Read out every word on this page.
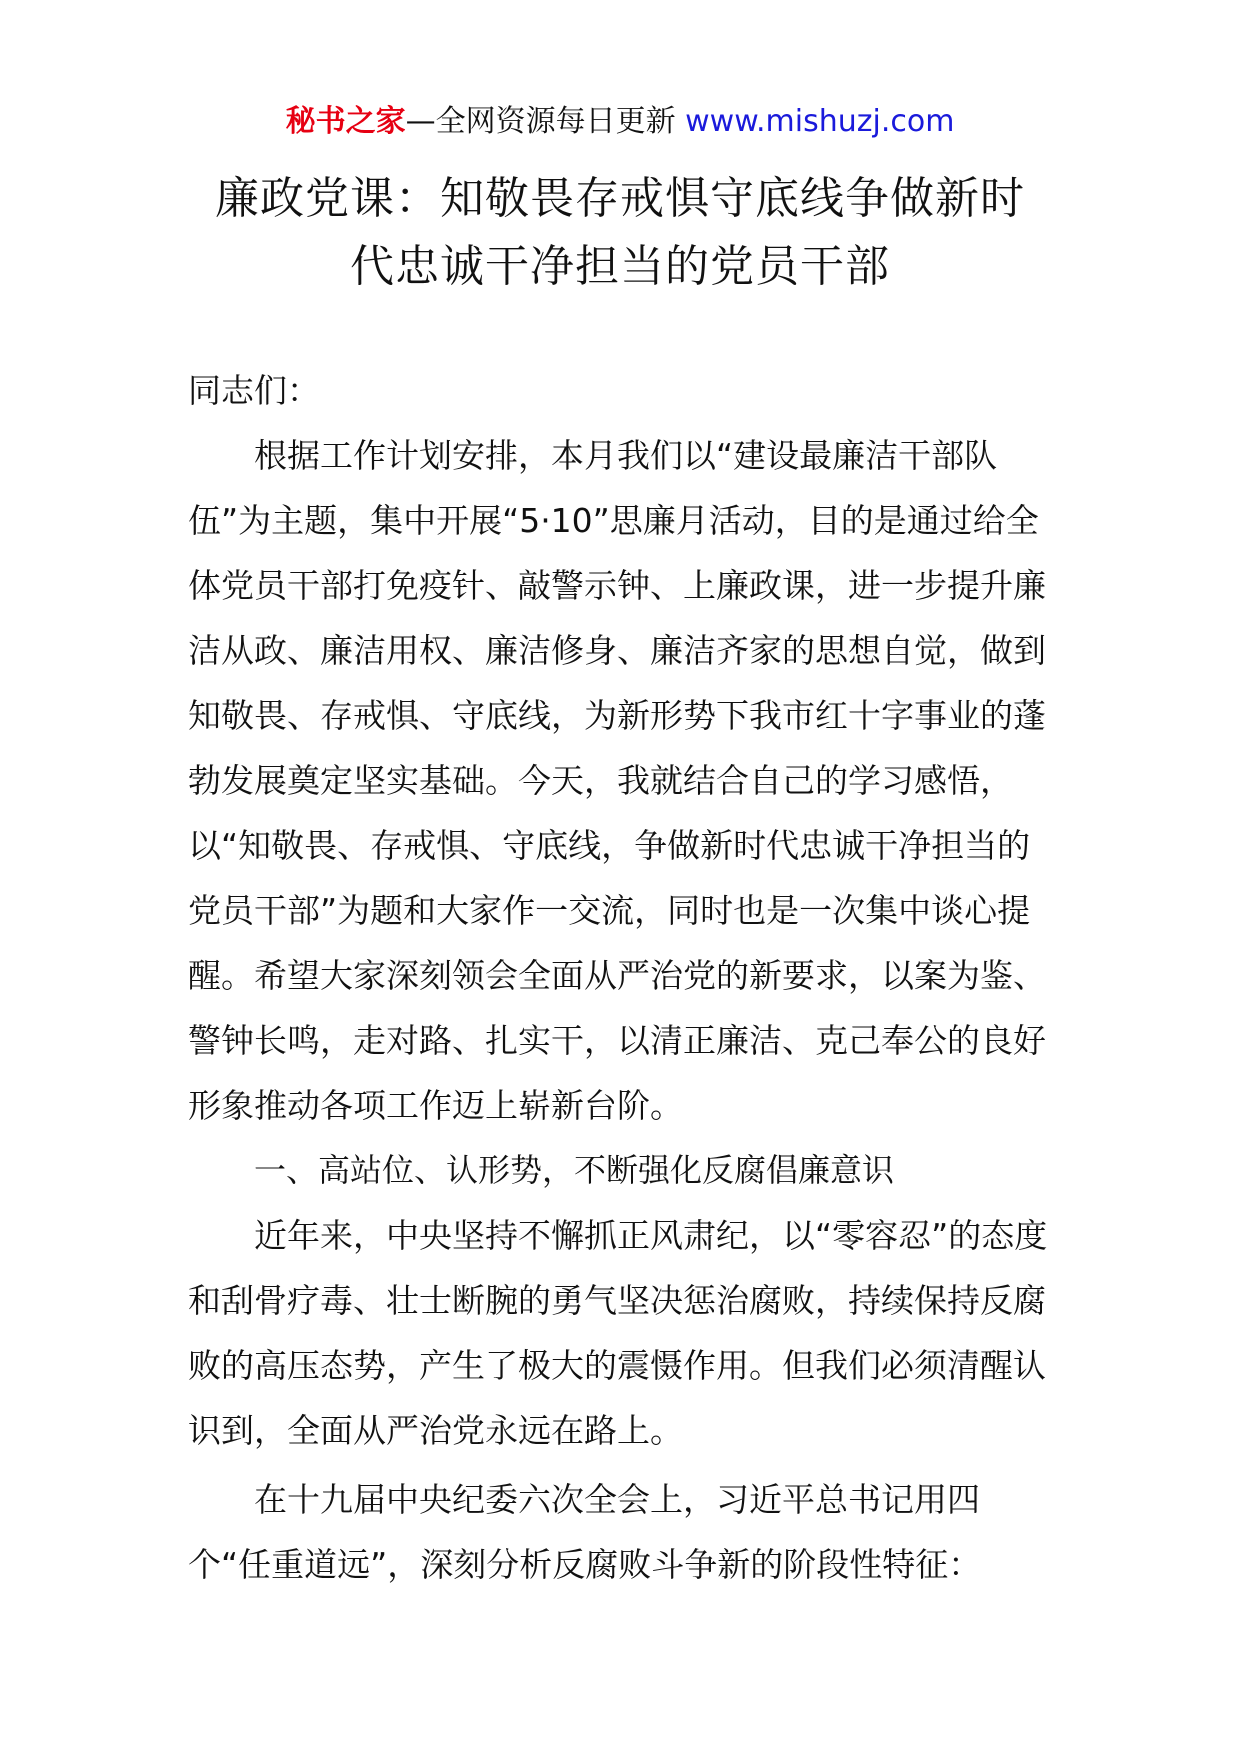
秘书之家—全网资源每日更新 www.mishuzj.com
廉政党课：知敬畏存戒惧守底线争做新时
代忠诚干净担当的党员干部

同志们：

根据工作计划安排，本月我们以“建设最廉洁干部队伍”为主题，集中开展“5·10”思廉月活动，目的是通过给全体党员干部打免疫针、敲警示钟、上廉政课，进一步提升廉洁从政、廉洁用权、廉洁修身、廉洁齐家的思想自觉，做到知敬畏、存戒惧、守底线，为新形势下我市红十字事业的蓬勃发展奠定坚实基础。今天，我就结合自己的学习感悟，以“知敬畏、存戒惧、守底线，争做新时代忠诚干净担当的党员干部”为题和大家作一交流，同时也是一次集中谈心提醒。希望大家深刻领会全面从严治党的新要求，以案为鉴、警钟长鸣，走对路、扎实干，以清正廉洁、克己奉公的良好形象推动各项工作迈上崭新台阶。

一、高站位、认形势，不断强化反腐倡廉意识

近年来，中央坚持不懈抓正风肃纪，以“零容忍”的态度和刮骨疗毒、壮士断腕的勇气坚决惩治腐败，持续保持反腐败的高压态势，产生了极大的震慑作用。但我们必须清醒认识到，全面从严治党永远在路上。

在十九届中央纪委六次全会上，习近平总书记用四个“任重道远”，深刻分析反腐败斗争新的阶段性特征：
